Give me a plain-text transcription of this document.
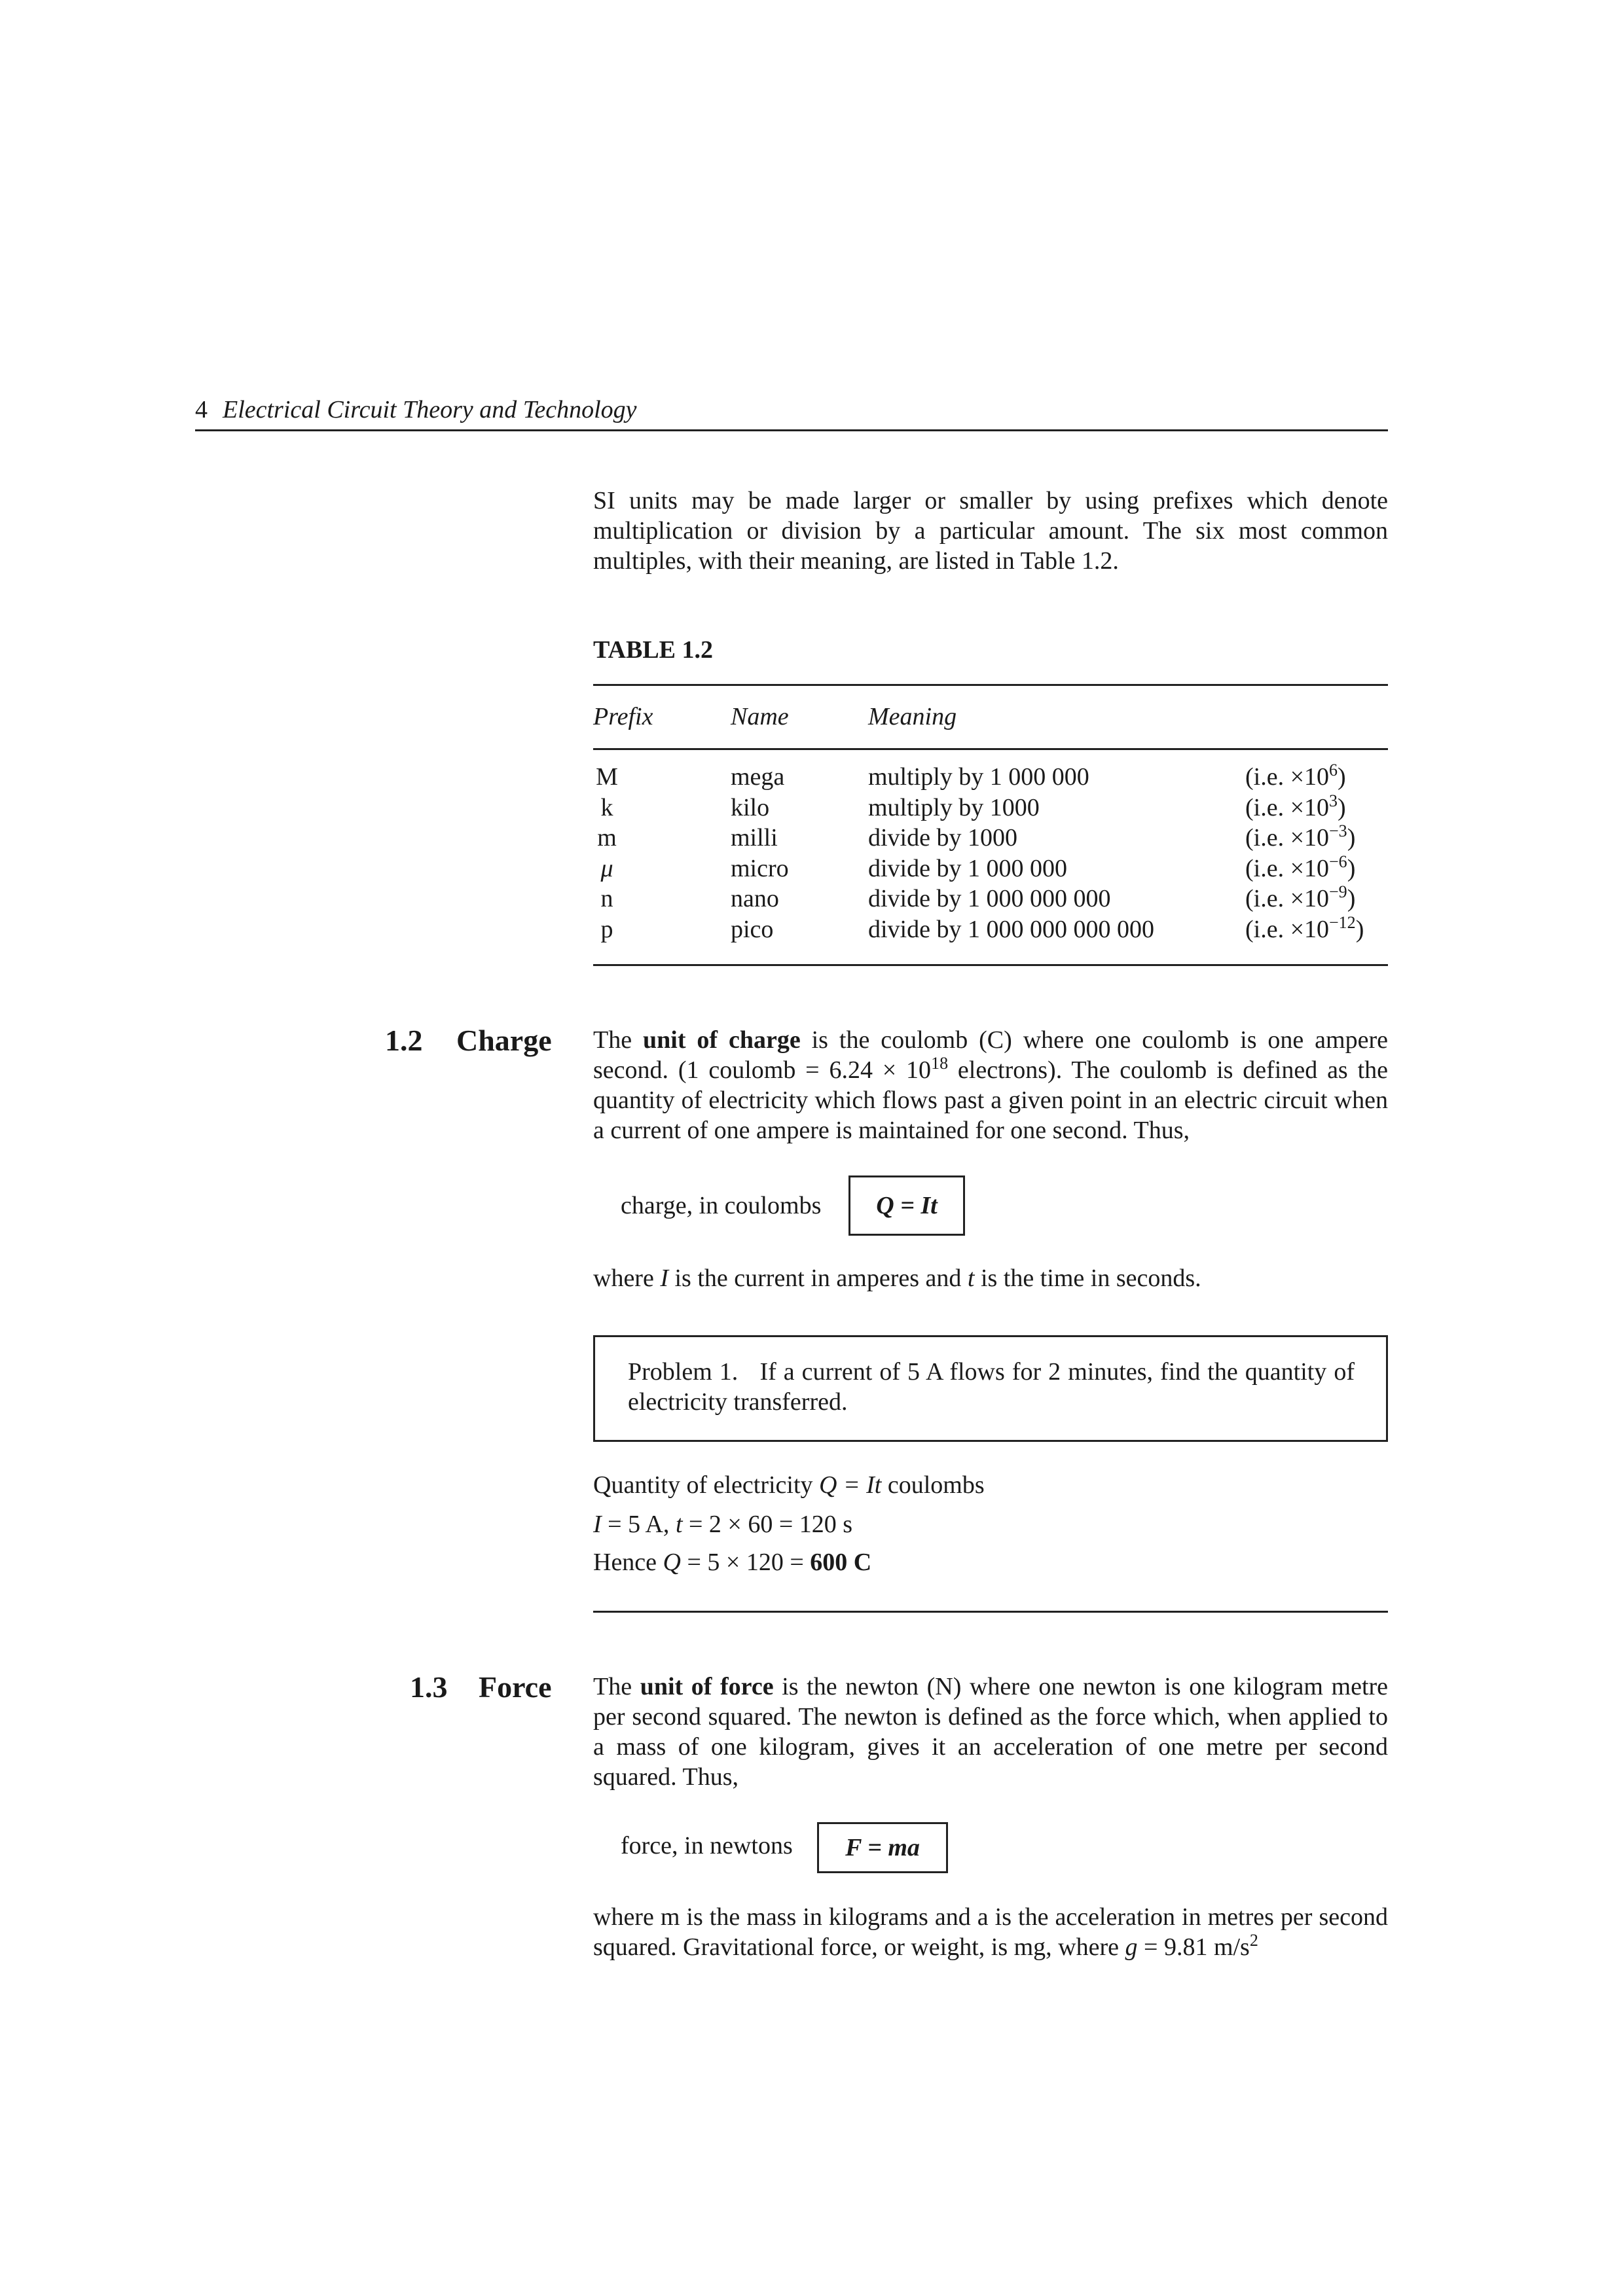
4 Electrical Circuit Theory and Technology

SI units may be made larger or smaller by using prefixes which denote multiplication or division by a particular amount. The six most common multiples, with their meaning, are listed in Table 1.2.

TABLE 1.2
Prefix	Name	Meaning
M	mega	multiply by 1 000 000	(i.e. $\times 10^6$)
k	kilo	multiply by 1000	(i.e. $\times 10^3$)
m	milli	divide by 1000	(i.e. $\times 10^{-3}$)
μ	micro	divide by 1 000 000	(i.e. $\times 10^{-6}$)
n	nano	divide by 1 000 000 000	(i.e. $\times 10^{-9}$)
p	pico	divide by 1 000 000 000 000	(i.e. $\times 10^{-12}$)
1.2 Charge The unit of charge is the coulomb (C) where one coulomb is one ampere second. (1 coulomb = $6.24 \times 10^{18}$ electrons). The coulomb is defined as the quantity of electricity which flows past a given point in an electric circuit when a current of one ampere is maintained for one second. Thus,

charge, in coulombs	Q = It

where I is the current in amperes and t is the time in seconds.

Problem 1. If a current of 5 A flows for 2 minutes, find the quantity of electricity transferred.
Quantity of electricity Q = It coulombs
I = 5 A, t = 2 × 60 = 120 s
Hence Q = 5 × 120 = 600 C
1.3 Force The unit of force is the newton (N) where one newton is one kilogram metre per second squared. The newton is defined as the force which, when applied to a mass of one kilogram, gives it an acceleration of one metre per second squared. Thus,

force, in newtons	F = ma

where m is the mass in kilograms and a is the acceleration in metres per second squared. Gravitational force, or weight, is mg, where g = 9.81 $m/s^2$
